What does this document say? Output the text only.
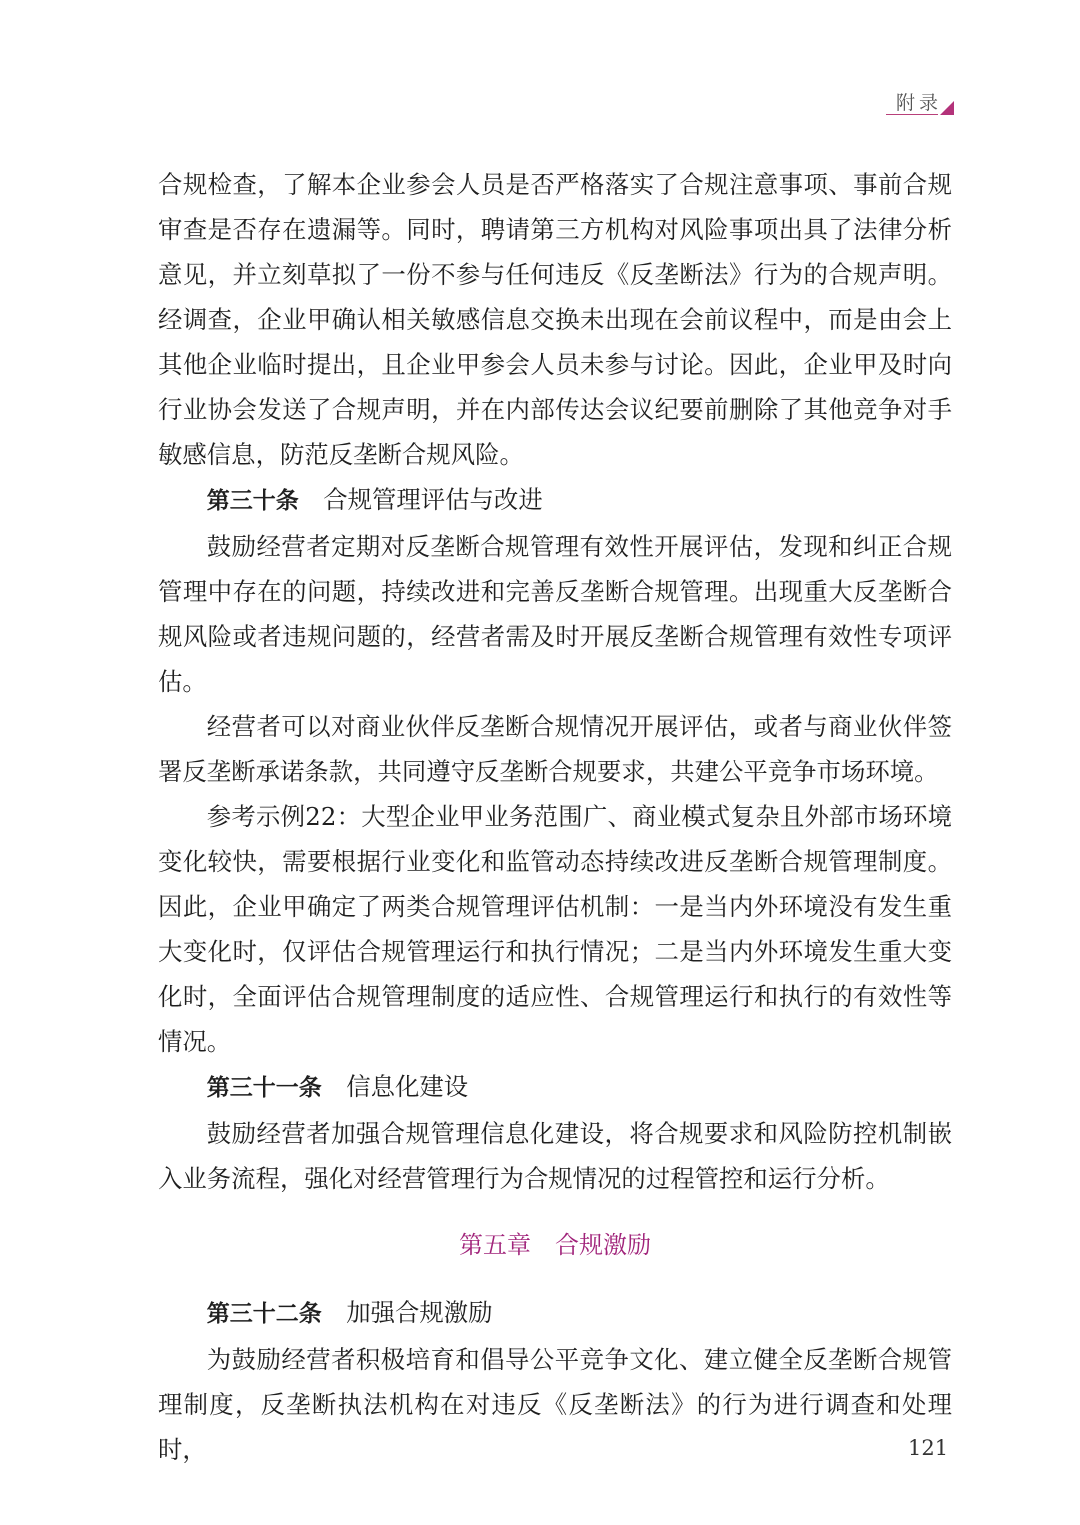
附录

合规检查，了解本企业参会人员是否严格落实了合规注意事项、事前合规审查是否存在遗漏等。同时，聘请第三方机构对风险事项出具了法律分析意见，并立刻草拟了一份不参与任何违反《反垄断法》行为的合规声明。经调查，企业甲确认相关敏感信息交换未出现在会前议程中，而是由会上其他企业临时提出，且企业甲参会人员未参与讨论。因此，企业甲及时向行业协会发送了合规声明，并在内部传达会议纪要前删除了其他竞争对手敏感信息，防范反垄断合规风险。

第三十条 合规管理评估与改进

鼓励经营者定期对反垄断合规管理有效性开展评估，发现和纠正合规管理中存在的问题，持续改进和完善反垄断合规管理。出现重大反垄断合规风险或者违规问题的，经营者需及时开展反垄断合规管理有效性专项评估。

经营者可以对商业伙伴反垄断合规情况开展评估，或者与商业伙伴签署反垄断承诺条款，共同遵守反垄断合规要求，共建公平竞争市场环境。

参考示例22：大型企业甲业务范围广、商业模式复杂且外部市场环境变化较快，需要根据行业变化和监管动态持续改进反垄断合规管理制度。因此，企业甲确定了两类合规管理评估机制：一是当内外环境没有发生重大变化时，仅评估合规管理运行和执行情况；二是当内外环境发生重大变化时，全面评估合规管理制度的适应性、合规管理运行和执行的有效性等情况。

第三十一条 信息化建设

鼓励经营者加强合规管理信息化建设，将合规要求和风险防控机制嵌入业务流程，强化对经营管理行为合规情况的过程管控和运行分析。

第五章 合规激励
第三十二条 加强合规激励

为鼓励经营者积极培育和倡导公平竞争文化、建立健全反垄断合规管理制度，反垄断执法机构在对违反《反垄断法》的行为进行调查和处理时，	121
